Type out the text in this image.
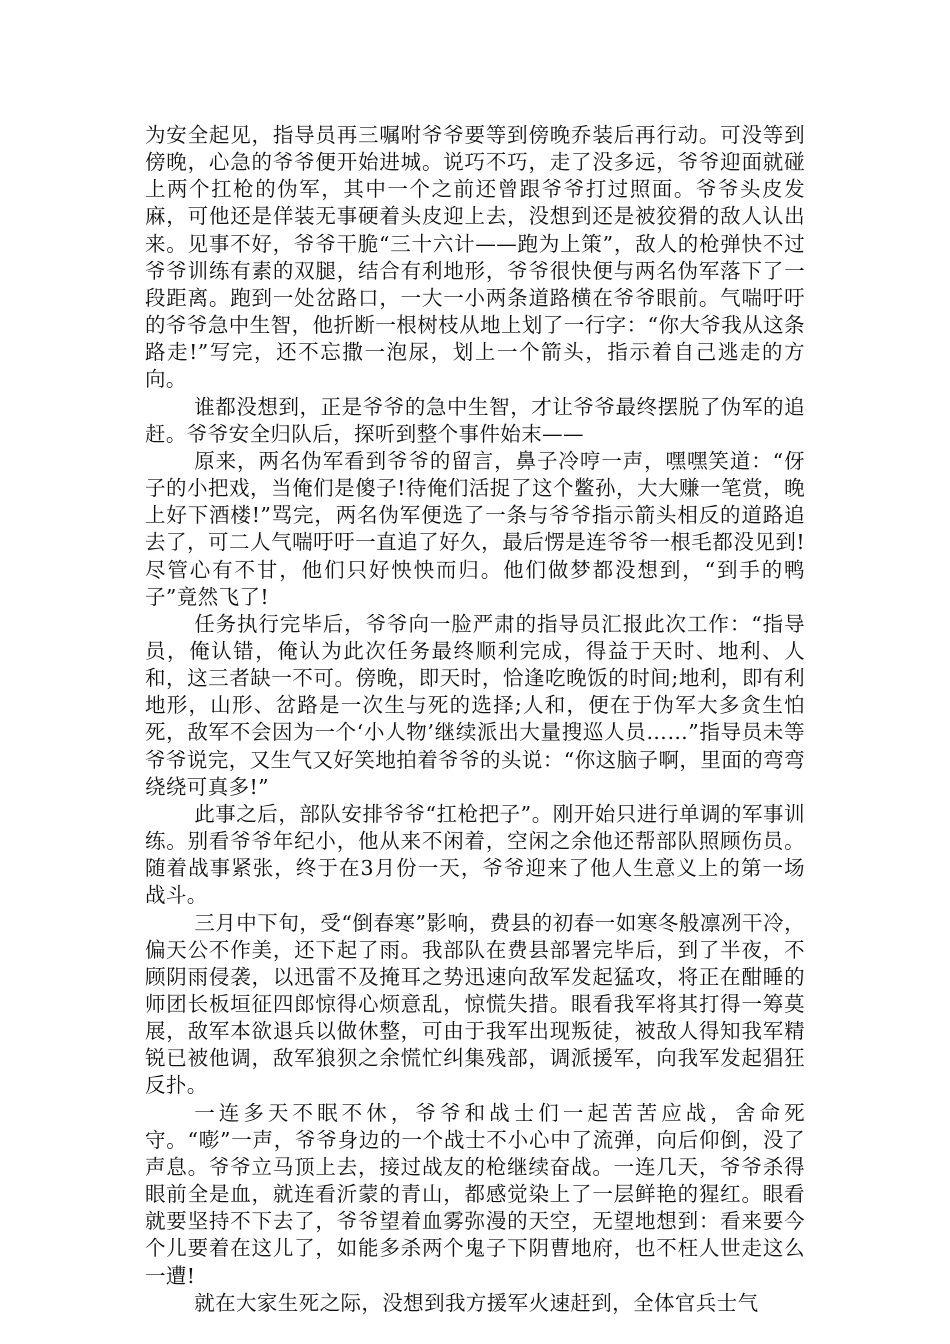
为安全起见，指导员再三嘱咐爷爷要等到傍晚乔装后再行动。可没等到傍晚，心急的爷爷便开始进城。说巧不巧，走了没多远，爷爷迎面就碰上两个扛枪的伪军，其中一个之前还曾跟爷爷打过照面。爷爷头皮发麻，可他还是佯装无事硬着头皮迎上去，没想到还是被狡猾的敌人认出来。见事不好，爷爷干脆“三十六计——跑为上策”，敌人的枪弹快不过爷爷训练有素的双腿，结合有利地形，爷爷很快便与两名伪军落下了一段距离。跑到一处岔路口，一大一小两条道路横在爷爷眼前。气喘吁吁的爷爷急中生智，他折断一根树枝从地上划了一行字：“你大爷我从这条路走!”写完，还不忘撒一泡尿，划上一个箭头，指示着自己逃走的方向。

谁都没想到，正是爷爷的急中生智，才让爷爷最终摆脱了伪军的追赶。爷爷安全归队后，探听到整个事件始末——

原来，两名伪军看到爷爷的留言，鼻子冷哼一声，嘿嘿笑道：“伢子的小把戏，当俺们是傻子!待俺们活捉了这个鳖孙，大大赚一笔赏，晚上好下酒楼!”骂完，两名伪军便选了一条与爷爷指示箭头相反的道路追去了，可二人气喘吁吁一直追了好久，最后愣是连爷爷一根毛都没见到!尽管心有不甘，他们只好怏怏而归。他们做梦都没想到，“到手的鸭子”竟然飞了!

任务执行完毕后，爷爷向一脸严肃的指导员汇报此次工作：“指导员，俺认错，俺认为此次任务最终顺利完成，得益于天时、地利、人和，这三者缺一不可。傍晚，即天时，恰逢吃晚饭的时间;地利，即有利地形，山形、岔路是一次生与死的选择;人和，便在于伪军大多贪生怕死，敌军不会因为一个‘小人物’继续派出大量搜巡人员……”指导员未等爷爷说完，又生气又好笑地拍着爷爷的头说：“你这脑子啊，里面的弯弯绕绕可真多!”

此事之后，部队安排爷爷“扛枪把子”。刚开始只进行单调的军事训练。别看爷爷年纪小，他从来不闲着，空闲之余他还帮部队照顾伤员。随着战事紧张，终于在3月份一天，爷爷迎来了他人生意义上的第一场战斗。

三月中下旬，受“倒春寒”影响，费县的初春一如寒冬般凛冽干冷，偏天公不作美，还下起了雨。我部队在费县部署完毕后，到了半夜，不顾阴雨侵袭，以迅雷不及掩耳之势迅速向敌军发起猛攻，将正在酣睡的师团长板垣征四郎惊得心烦意乱，惊慌失措。眼看我军将其打得一筹莫展，敌军本欲退兵以做休整，可由于我军出现叛徒，被敌人得知我军精锐已被他调，敌军狼狈之余慌忙纠集残部，调派援军，向我军发起猖狂反扑。

一连多天不眠不休，爷爷和战士们一起苦苦应战，舍命死守。“嘭”一声，爷爷身边的一个战士不小心中了流弹，向后仰倒，没了声息。爷爷立马顶上去，接过战友的枪继续奋战。一连几天，爷爷杀得眼前全是血，就连看沂蒙的青山，都感觉染上了一层鲜艳的猩红。眼看就要坚持不下去了，爷爷望着血雾弥漫的天空，无望地想到：看来要今个儿要着在这儿了，如能多杀两个鬼子下阴曹地府，也不枉人世走这么一遭!

就在大家生死之际，没想到我方援军火速赶到，全体官兵士气
